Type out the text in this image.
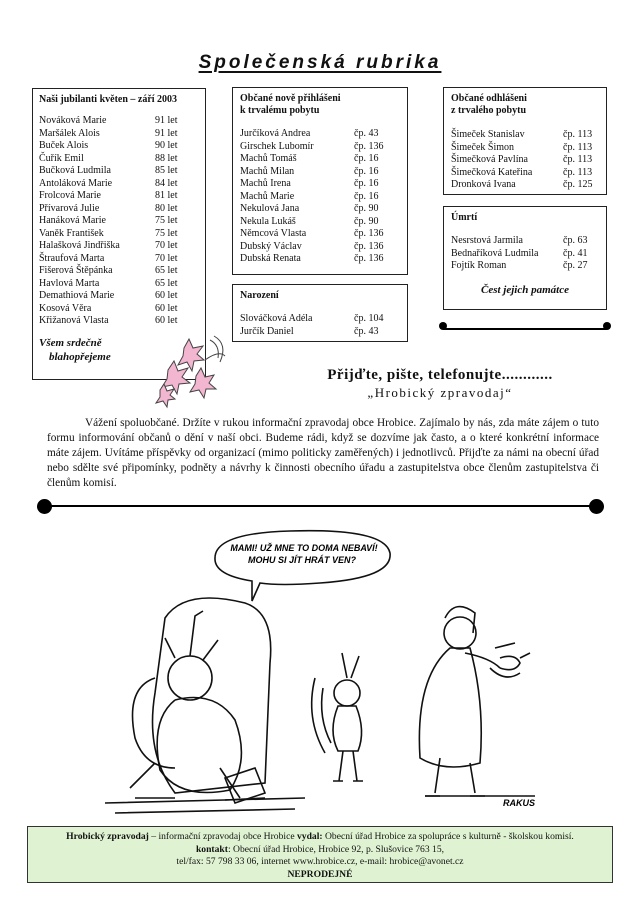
Společenská rubrika
Naši jubilanti květen – září 2003
Nováková Marie	91 let
Maršálek Alois	91 let
Buček Alois	90 let
Čuřík Emil	88 let
Bučková Ludmila	85 let
Antoláková Marie	84 let
Frolcová Marie	81 let
Přívarová Julie	80 let
Hanáková Marie	75 let
Vaněk František	75 let
Halašková Jindřiška	70 let
Štraufová Marta	70 let
Fišerová Štěpánka	65 let
Havlová Marta	65 let
Demathiová Marie	60 let
Kosová Věra	60 let
Křižanová Vlasta	60 let
Všem srdečně
blahopřejeme
Občané nově přihlášeni
k trvalému pobytu
Jurčíková Andrea	čp. 43
Girschek Lubomír	čp. 136
Machů Tomáš	čp. 16
Machů Milan	čp. 16
Machů Irena	čp. 16
Machů Marie	čp. 16
Nekulová Jana	čp. 90
Nekula Lukáš	čp. 90
Němcová Vlasta	čp. 136
Dubský Václav	čp. 136
Dubská Renata	čp. 136
Narození
Slováčková Adéla	čp. 104
Jurčík Daniel	čp. 43
Občané odhlášeni
z trvalého pobytu
Šimeček Stanislav	čp. 113
Šimeček Šimon	čp. 113
Šimečková Pavlína	čp. 113
Šimečková Kateřina	čp. 113
Dronková Ivana	čp. 125
Úmrtí
Nesrstová Jarmila	čp. 63
Bednaříková Ludmila	čp. 41
Fojtík Roman	čp. 27
Čest jejich památce
Přijďte, pište, telefonujte............
„Hrobický zpravodaj“
Vážení spoluobčané. Držíte v rukou informační zpravodaj obce Hrobice. Zajímalo by nás, zda máte zájem o tuto formu informování občanů o dění v naší obci. Budeme rádi, když se dozvíme jak často, a o které konkrétní informace máte zájem. Uvítáme příspěvky od organizací (mimo politicky zaměřených) i jednotlivců. Přijďte za námi na obecní úřad nebo sdělte své připomínky, podněty a návrhy k činnosti obecního úřadu a zastupitelstva obce členům zastupitelstva či členům komisí.
MAMI! UŽ MNE TO DOMA NEBAVÍ!
MOHU SI JÍT HRÁT VEN?
RAKUS
Hrobický zpravodaj – informační zpravodaj obce Hrobice vydal: Obecní úřad Hrobice za spolupráce s kulturně - školskou komisí.
kontakt: Obecní úřad Hrobice, Hrobice 92, p. Slušovice 763 15,
tel/fax: 57 798 33 06, internet www.hrobice.cz, e-mail: hrobice@avonet.cz
NEPRODEJNÉ
